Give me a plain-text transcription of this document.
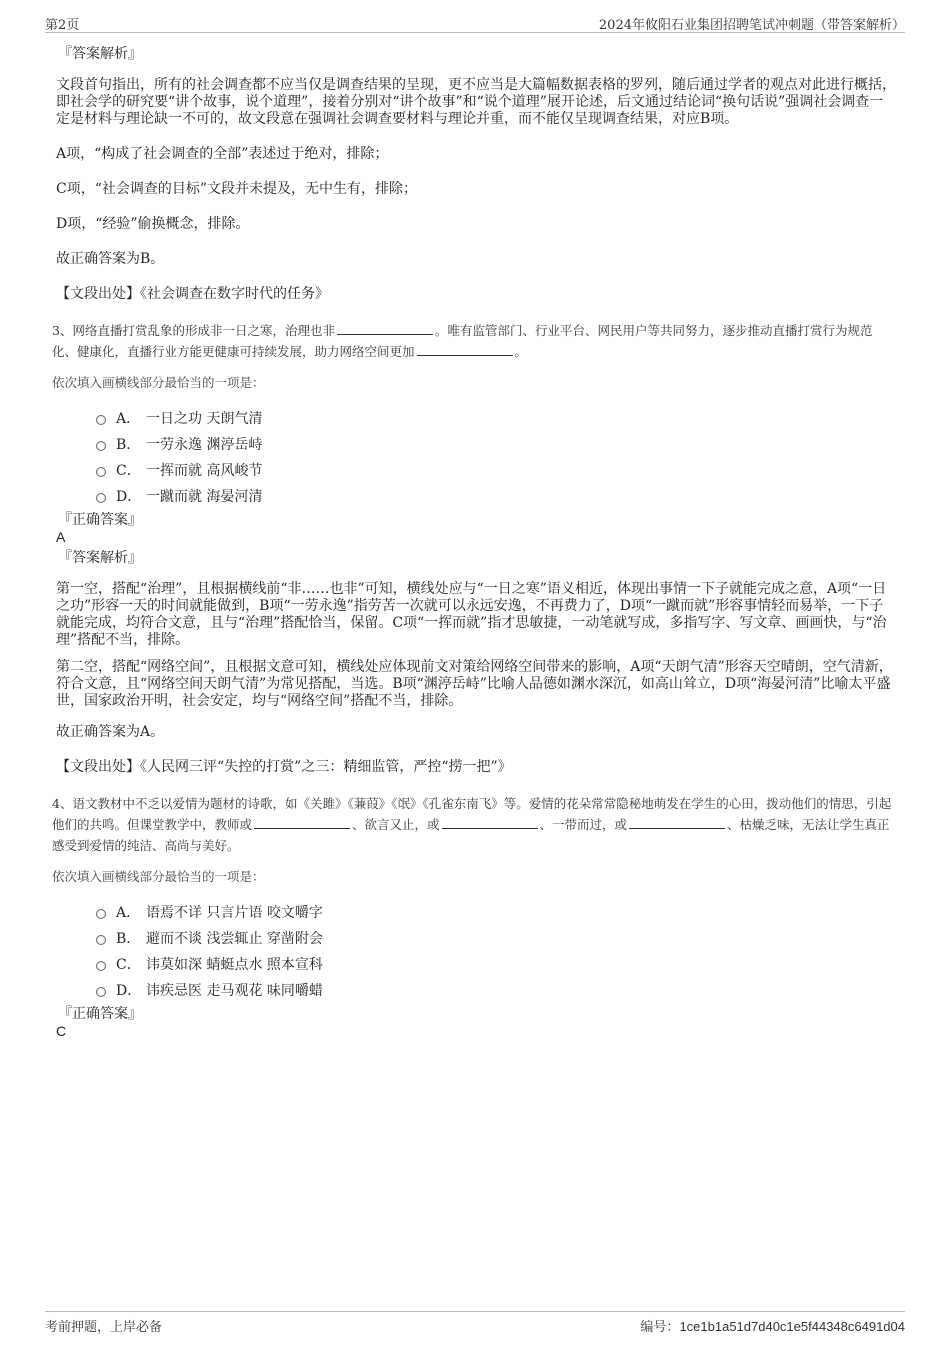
第2页	2024年攸阳石业集团招聘笔试冲刺题（带答案解析）

『答案解析』

文段首句指出，所有的社会调查都不应当仅是调查结果的呈现，更不应当是大篇幅数据表格的罗列，随后通过学者的观点对此进行概括，即社会学的研究要“讲个故事，说个道理”，接着分别对“讲个故事”和“说个道理”展开论述，后文通过结论词“换句话说”强调社会调查一定是材料与理论缺一不可的，故文段意在强调社会调查要材料与理论并重，而不能仅呈现调查结果，对应B项。

A项，“构成了社会调查的全部”表述过于绝对，排除；

C项，“社会调查的目标”文段并未提及，无中生有，排除；

D项，“经验”偷换概念，排除。

故正确答案为B。

【文段出处】《社会调查在数字时代的任务》

3、网络直播打赏乱象的形成非一日之寒，治理也非	。唯有监管部门、行业平台、网民用户等共同努力，逐步推动直播打赏行为规范化、健康化，直播行业方能更健康可持续发展，助力网络空间更加	。

依次填入画横线部分最恰当的一项是：

A． 一日之功 天朗气清
B． 一劳永逸 渊渟岳峙
C． 一挥而就 高风峻节
D． 一蹴而就 海晏河清

『正确答案』

A

『答案解析』

第一空，搭配“治理”，且根据横线前“非……也非”可知，横线处应与“一日之寒”语义相近，体现出事情一下子就能完成之意，A项“一日之功”形容一天的时间就能做到，B项“一劳永逸”指劳苦一次就可以永远安逸，不再费力了，D项“一蹴而就”形容事情轻而易举，一下子就能完成，均符合文意，且与“治理”搭配恰当，保留。C项“一挥而就”指才思敏捷，一动笔就写成，多指写字、写文章、画画快，与“治理”搭配不当，排除。

第二空，搭配“网络空间”，且根据文意可知，横线处应体现前文对策给网络空间带来的影响，A项“天朗气清”形容天空晴朗，空气清新，符合文意，且“网络空间天朗气清”为常见搭配，当选。B项“渊渟岳峙”比喻人品德如渊水深沉，如高山耸立，D项“海晏河清”比喻太平盛世，国家政治开明，社会安定，均与“网络空间”搭配不当，排除。

故正确答案为A。

【文段出处】《人民网三评“失控的打赏”之三：精细监管，严控“捞一把”》

4、语文教材中不乏以爱情为题材的诗歌，如《关雎》《蒹葭》《氓》《孔雀东南飞》等。爱情的花朵常常隐秘地萌发在学生的心田，拨动他们的情思，引起他们的共鸣。但课堂教学中，教师或	、欲言又止，或	、一带而过，或	、枯燥乏味，无法让学生真正感受到爱情的纯洁、高尚与美好。

依次填入画横线部分最恰当的一项是：

A． 语焉不详 只言片语 咬文嚼字
B． 避而不谈 浅尝辄止 穿凿附会
C． 讳莫如深 蜻蜓点水 照本宣科
D． 讳疾忌医 走马观花 味同嚼蜡

『正确答案』

C

考前押题，上岸必备	编号：1ce1b1a51d7d40c1e5f44348c6491d04
